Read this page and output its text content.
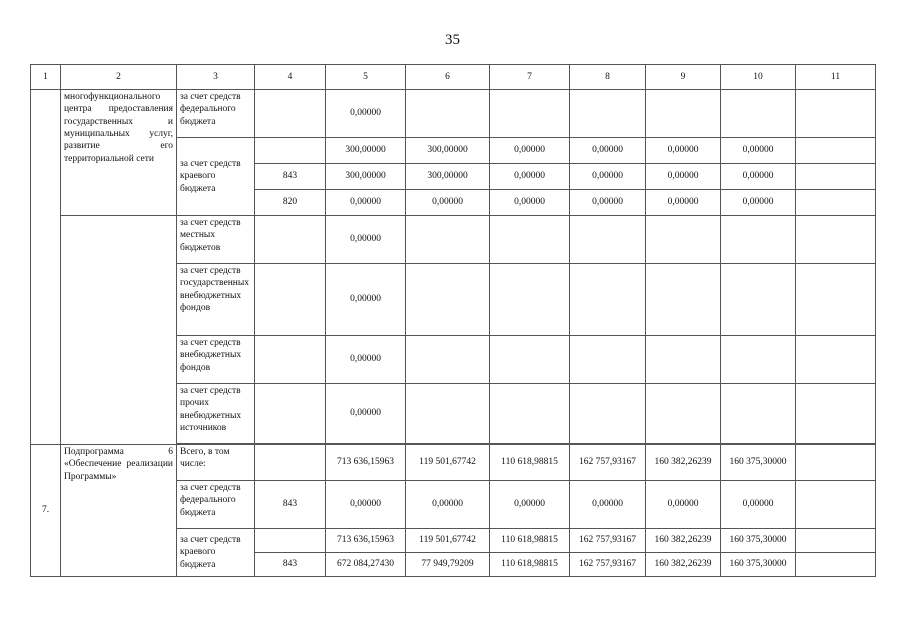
35
1	2	3	4	5	6	7	8	9	10	11
	многофункционального центра предоставления государственных и муниципальных услуг, развитие его территориальной сети	за счет средств федерального бюджета		0,00000						
		за счет средств краевого бюджета		300,00000	300,00000	0,00000	0,00000	0,00000	0,00000	
			843	300,00000	300,00000	0,00000	0,00000	0,00000	0,00000	
			820	0,00000	0,00000	0,00000	0,00000	0,00000	0,00000	
		за счет средств местных бюджетов		0,00000						
		за счет средств государственных внебюджетных фондов		0,00000						
		за счет средств внебюджетных фондов		0,00000						
		за счет средств прочих внебюджетных источников		0,00000						

7.	Подпрограмма 6 «Обеспечение реализации Программы»	Всего, в том числе:		713 636,15963	119 501,67742	110 618,98815	162 757,93167	160 382,26239	160 375,30000	
		за счет средств федерального бюджета	843	0,00000	0,00000	0,00000	0,00000	0,00000	0,00000	
		за счет средств краевого бюджета		713 636,15963	119 501,67742	110 618,98815	162 757,93167	160 382,26239	160 375,30000	
			843	672 084,27430	77 949,79209	110 618,98815	162 757,93167	160 382,26239	160 375,30000	
